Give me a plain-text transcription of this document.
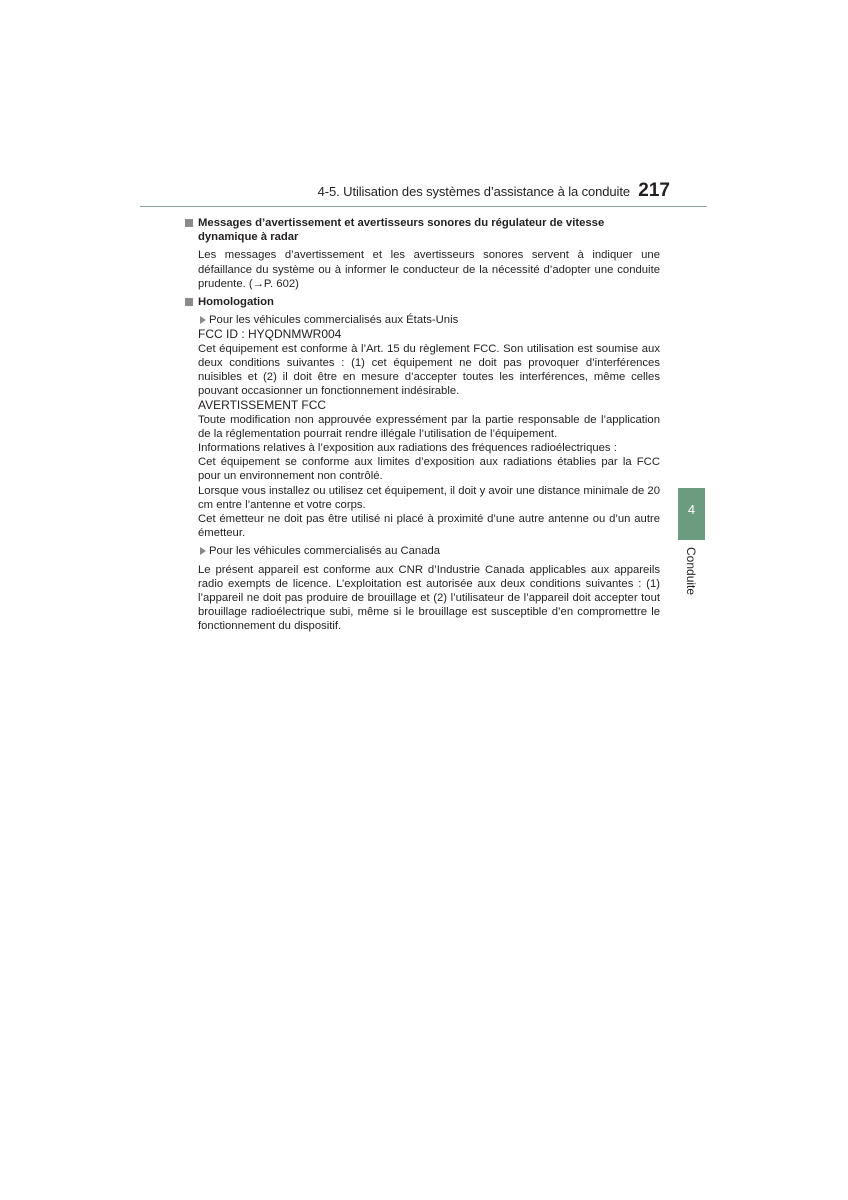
4-5. Utilisation des systèmes d’assistance à la conduite 217
Messages d’avertissement et avertisseurs sonores du régulateur de vitesse dynamique à radar

Les messages d’avertissement et les avertisseurs sonores servent à indiquer une défaillance du système ou à informer le conducteur de la nécessité d’adopter une conduite prudente. (→P. 602)

Homologation
Pour les véhicules commercialisés aux États-Unis

FCC ID : HYQDNMWR004

Cet équipement est conforme à l’Art. 15 du règlement FCC. Son utilisation est soumise aux deux conditions suivantes : (1) cet équipement ne doit pas provoquer d’interférences nuisibles et (2) il doit être en mesure d’accepter toutes les interférences, même celles pouvant occasionner un fonctionnement indésirable.

AVERTISSEMENT FCC

Toute modification non approuvée expressément par la partie responsable de l’application de la réglementation pourrait rendre illégale l’utilisation de l’équipement.

Informations relatives à l’exposition aux radiations des fréquences radioélectriques :

Cet équipement se conforme aux limites d’exposition aux radiations établies par la FCC pour un environnement non contrôlé.

Lorsque vous installez ou utilisez cet équipement, il doit y avoir une distance minimale de 20 cm entre l’antenne et votre corps.

Cet émetteur ne doit pas être utilisé ni placé à proximité d’une autre antenne ou d’un autre émetteur.

Pour les véhicules commercialisés au Canada

Le présent appareil est conforme aux CNR d’Industrie Canada applicables aux appareils radio exempts de licence. L’exploitation est autorisée aux deux conditions suivantes : (1) l’appareil ne doit pas produire de brouillage et (2) l’utilisateur de l’appareil doit accepter tout brouillage radioélectrique subi, même si le brouillage est susceptible d’en compromettre le fonctionnement du dispositif.

4
Conduite
